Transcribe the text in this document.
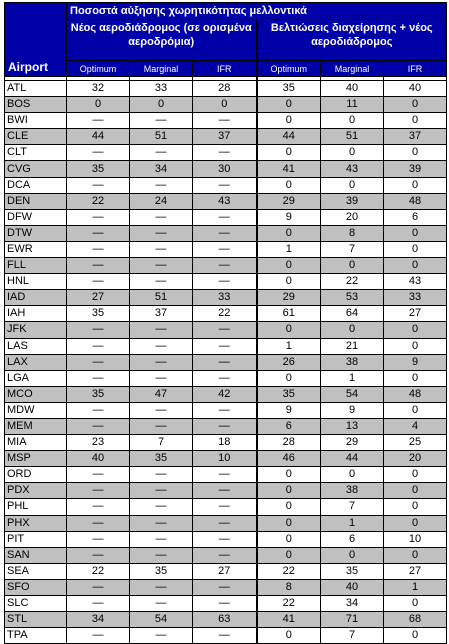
Airport	Ποσοστά αύξησης χωρητικότητας μελλοντικά					

	Νέος αεροδιάδρομος (σε ορισμένα αεροδρόμια)			Βελτιώσεις διαχείρησης + νέος αεροδιάδρομος		

	Optimum	Marginal	IFR	Optimum	Marginal	IFR

ATL	32	33	28	35	40	40
BOS	0	0	0	0	11	0
BWI	—	—	—	0	0	0
CLE	44	51	37	44	51	37
CLT	—	—	—	0	0	0
CVG	35	34	30	41	43	39
DCA	—	—	—	0	0	0
DEN	22	24	43	29	39	48
DFW	—	—	—	9	20	6
DTW	—	—	—	0	8	0
EWR	—	—	—	1	7	0
FLL	—	—	—	0	0	0
HNL	—	—	—	0	22	43
IAD	27	51	33	29	53	33
IAH	35	37	22	61	64	27
JFK	—	—	—	0	0	0
LAS	—	—	—	1	21	0
LAX	—	—	—	26	38	9
LGA	—	—	—	0	1	0
MCO	35	47	42	35	54	48
MDW	—	—	—	9	9	0
MEM	—	—	—	6	13	4
MIA	23	7	18	28	29	25
MSP	40	35	10	46	44	20
ORD	—	—	—	0	0	0
PDX	—	—	—	0	38	0
PHL	—	—	—	0	7	0
PHX	—	—	—	0	1	0
PIT	—	—	—	0	6	10
SAN	—	—	—	0	0	0
SEA	22	35	27	22	35	27
SFO	—	—	—	8	40	1
SLC	—	—	—	22	34	0
STL	34	54	63	41	71	68
TPA	—	—	—	0	7	0
